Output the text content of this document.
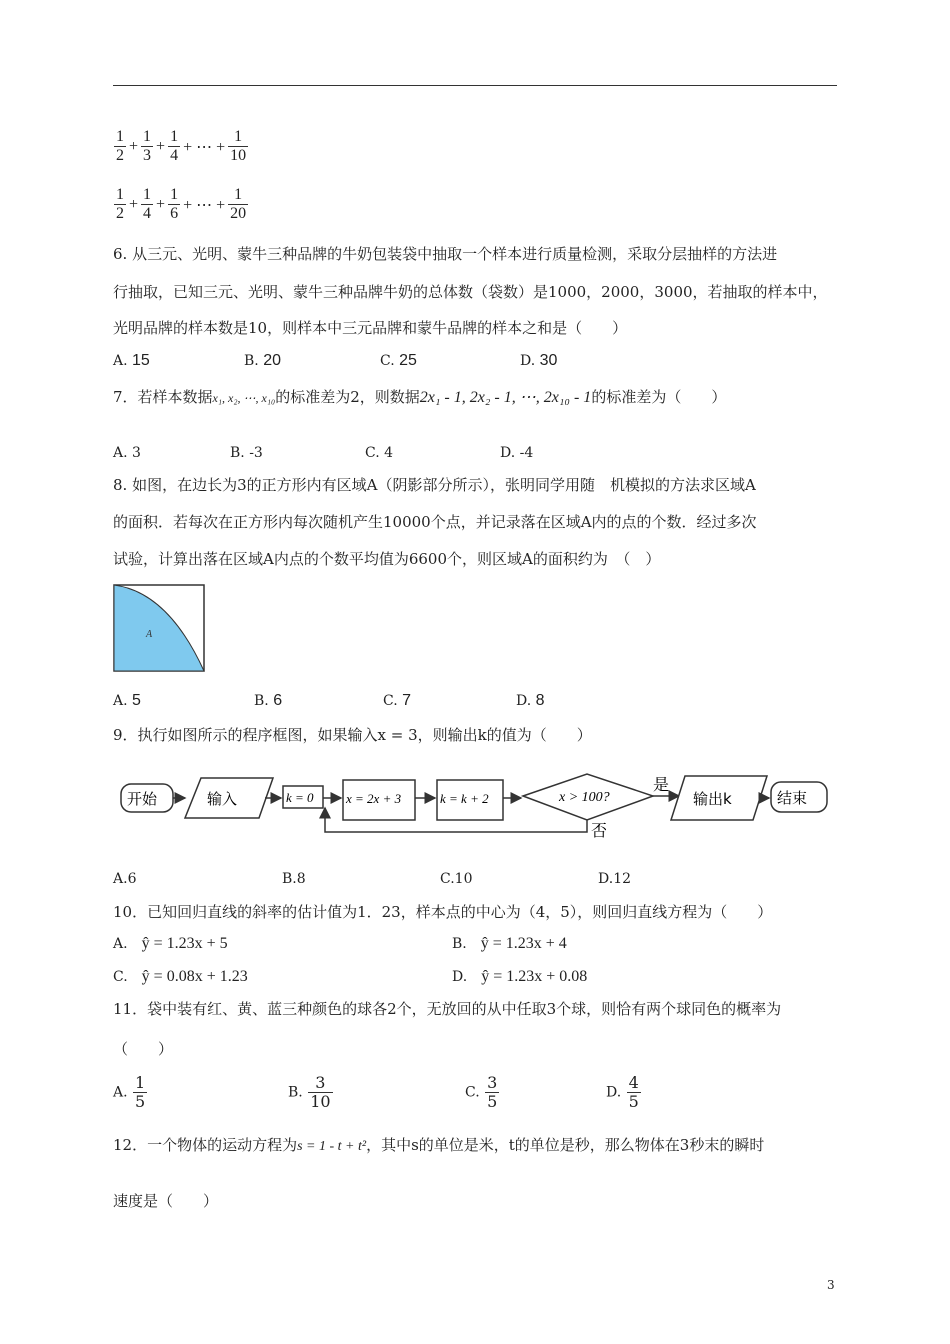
$\frac{1}{2} + \frac{1}{3} + \frac{1}{4}$ + ⋯ + $\frac{1}{10}$
$\frac{1}{2} + \frac{1}{4} + \frac{1}{6}$ + ⋯ + $\frac{1}{20}$
6. 从三元、光明、蒙牛三种品牌的牛奶包装袋中抽取一个样本进行质量检测，采取分层抽样的方法进
行抽取，已知三元、光明、蒙牛三种品牌牛奶的总体数（袋数）是1000，2000，3000，若抽取的样本中，
光明品牌的样本数是10，则样本中三元品牌和蒙牛品牌的样本之和是（　　）
A. 15	B. 20	C. 25	D. 30
7．若样本数据x₁, x₂, ⋯, x₁₀的标准差为2，则数据2x₁ - 1, 2x₂ - 1, ⋯, 2x₁₀ - 1的标准差为（　　）
A. 3	B. -3	C. 4	D. -4
8. 如图，在边长为3的正方形内有区域A（阴影部分所示），张明同学用随　机模拟的方法求区域A
的面积．若每次在正方形内每次随机产生10000个点，并记录落在区域A内的点的个数．经过多次
试验，计算出落在区域A内点的个数平均值为6600个，则区域A的面积约为　（　）
A
A. 5	B. 6	C. 7	D. 8
9．执行如图所示的程序框图，如果输入x = 3，则输出k的值为（　　）
开始	输入	k = 0 x = 2x + 3	k = k + 2	x > 100?
是
否
输出k	结束
A.6	B.8	C.10	D.12
10．已知回归直线的斜率的估计值为1．23，样本点的中心为（4，5），则回归直线方程为（　　）
A.　 ŷ = 1.23x + 5	B.　 ŷ = 1.23x + 4
C.　 ŷ = 0.08x + 1.23	D.　 ŷ = 1.23x + 0.08
11．袋中装有红、黄、蓝三种颜色的球各2个，无放回的从中任取3个球，则恰有两个球同色的概率为
（　　）
A. $\frac{1}{5}$	B. $\frac{3}{10}$	C. $\frac{3}{5}$	D. $\frac{4}{5}$
12．一个物体的运动方程为s = 1 - t + t²，其中s的单位是米，t的单位是秒，那么物体在3秒末的瞬时
速度是（　　）
3
